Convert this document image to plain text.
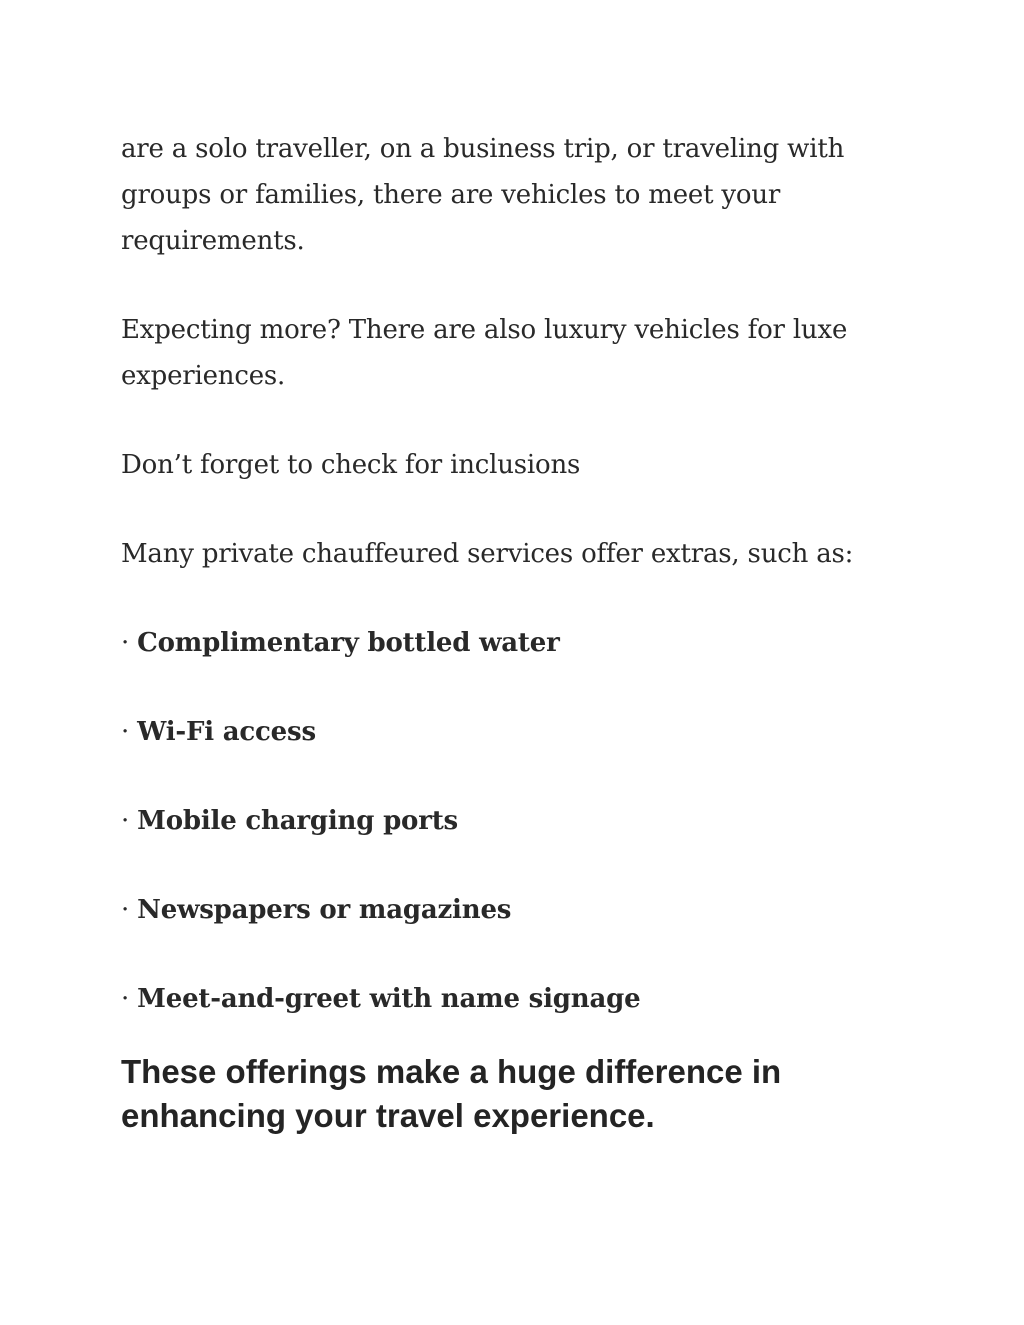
are a solo traveller, on a business trip, or traveling with groups or families, there are vehicles to meet your requirements.

Expecting more? There are also luxury vehicles for luxe experiences.

Don’t forget to check for inclusions

Many private chauffeured services offer extras, such as:

· Complimentary bottled water

· Wi-Fi access

· Mobile charging ports

· Newspapers or magazines

· Meet-and-greet with name signage

These offerings make a huge difference in enhancing your travel experience.
